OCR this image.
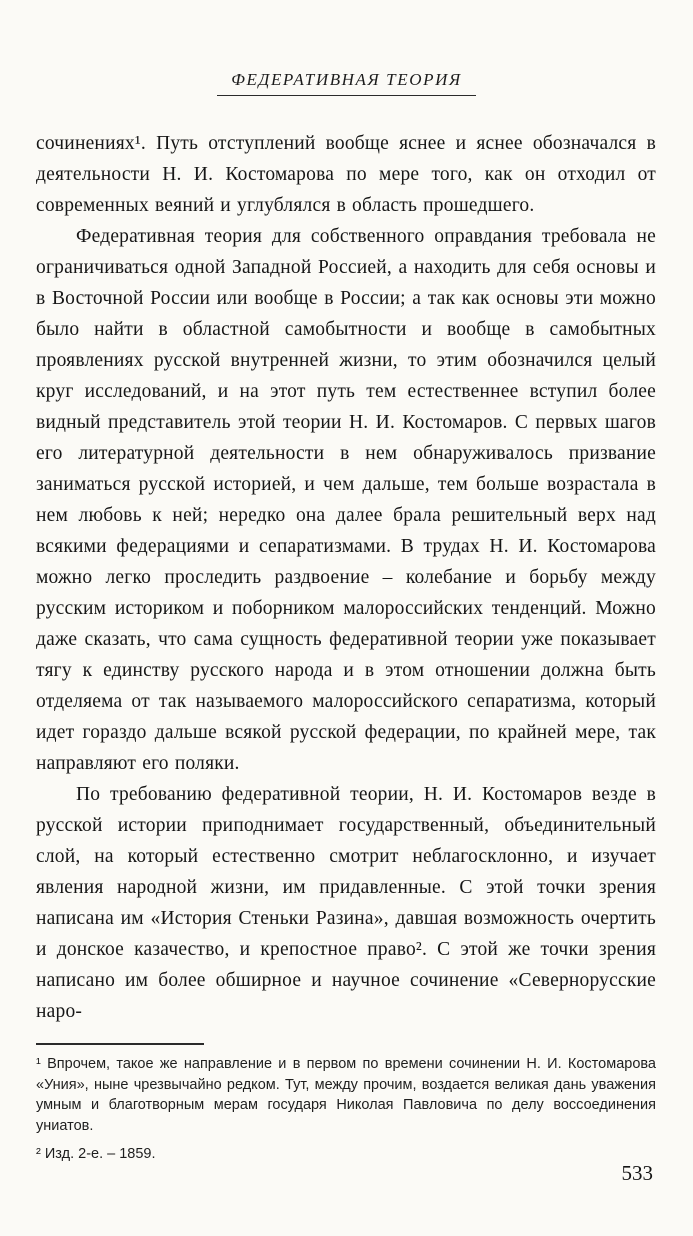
ФЕДЕРАТИВНАЯ ТЕОРИЯ

сочинениях¹. Путь отступлений вообще яснее и яснее обозначался в деятельности Н. И. Костомарова по мере того, как он отходил от современных веяний и углублялся в область прошедшего.

Федеративная теория для собственного оправдания требовала не ограничиваться одной Западной Россией, а находить для себя основы и в Восточной России или вообще в России; а так как основы эти можно было найти в областной самобытности и вообще в самобытных проявлениях русской внутренней жизни, то этим обозначился целый круг исследований, и на этот путь тем естественнее вступил более видный представитель этой теории Н. И. Костомаров. С первых шагов его литературной деятельности в нем обнаруживалось призвание заниматься русской историей, и чем дальше, тем больше возрастала в нем любовь к ней; нередко она далее брала решительный верх над всякими федерациями и сепаратизмами. В трудах Н. И. Костомарова можно легко проследить раздвоение – колебание и борьбу между русским историком и поборником малороссийских тенденций. Можно даже сказать, что сама сущность федеративной теории уже показывает тягу к единству русского народа и в этом отношении должна быть отделяема от так называемого малороссийского сепаратизма, который идет гораздо дальше всякой русской федерации, по крайней мере, так направляют его поляки.

По требованию федеративной теории, Н. И. Костомаров везде в русской истории приподнимает государственный, объединительный слой, на который естественно смотрит неблагосклонно, и изучает явления народной жизни, им придавленные. С этой точки зрения написана им «История Стеньки Разина», давшая возможность очертить и донское казачество, и крепостное право². С этой же точки зрения написано им более обширное и научное сочинение «Севернорусские наро-

¹ Впрочем, такое же направление и в первом по времени сочинении Н. И. Костомарова «Уния», ныне чрезвычайно редком. Тут, между прочим, воздается великая дань уважения умным и благотворным мерам государя Николая Павловича по делу воссоединения униатов.

² Изд. 2-е. – 1859.

533
